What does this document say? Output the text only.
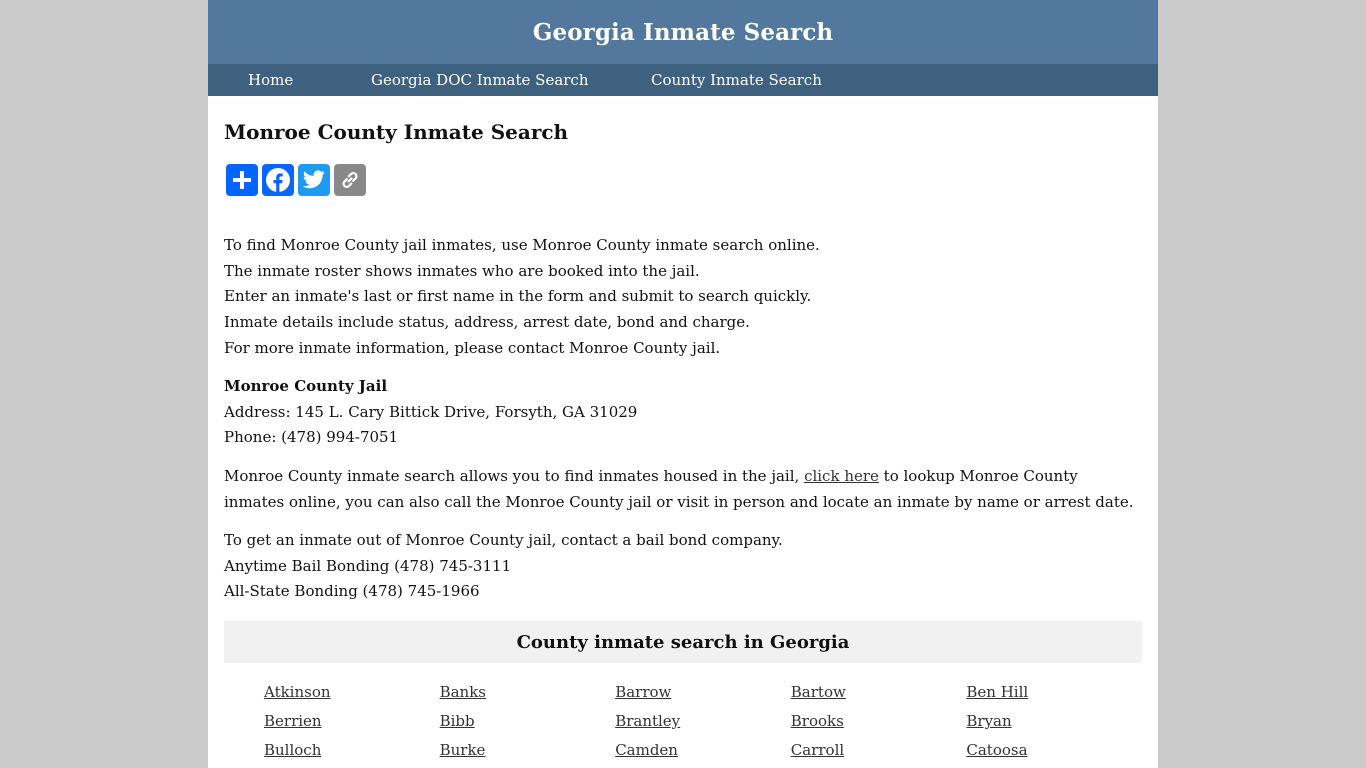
Georgia Inmate Search
Home	Georgia DOC Inmate Search	County Inmate Search
Monroe County Inmate Search

To find Monroe County jail inmates, use Monroe County inmate search online.

The inmate roster shows inmates who are booked into the jail.

Enter an inmate's last or first name in the form and submit to search quickly.

Inmate details include status, address, arrest date, bond and charge.

For more inmate information, please contact Monroe County jail.

Monroe County Jail

Address: 145 L. Cary Bittick Drive, Forsyth, GA 31029

Phone: (478) 994-7051

Monroe County inmate search allows you to find inmates housed in the jail, click here to lookup Monroe County inmates online, you can also call the Monroe County jail or visit in person and locate an inmate by name or arrest date.

To get an inmate out of Monroe County jail, contact a bail bond company.

Anytime Bail Bonding (478) 745-3111

All-State Bonding (478) 745-1966

County inmate search in Georgia
Atkinson	Banks	Barrow	Bartow	Ben Hill
Berrien	Bibb	Brantley	Brooks	Bryan
Bulloch	Burke	Camden	Carroll	Catoosa
